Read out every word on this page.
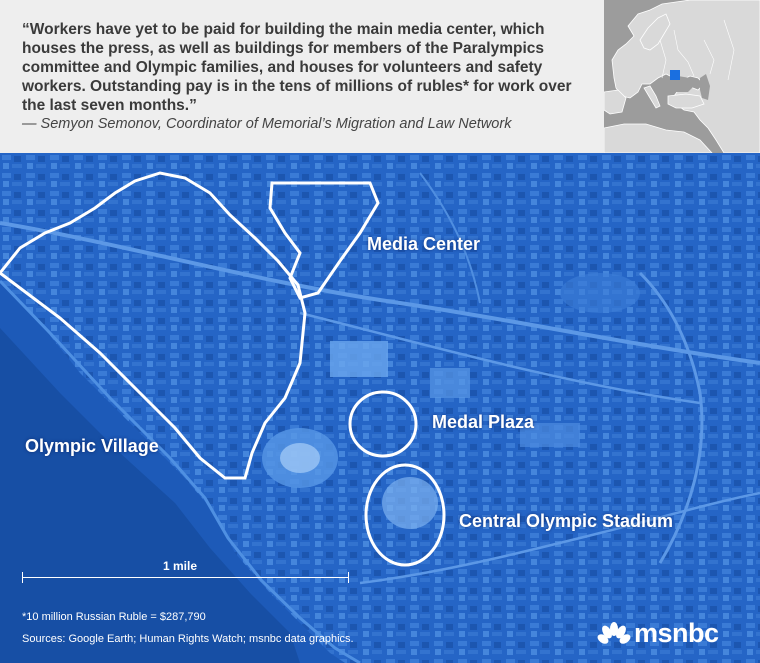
“Workers have yet to be paid for building the main media center, which houses the press, as well as buildings for members of the Paralympics committee and Olympic families, and houses for volunteers and safety workers. Outstanding pay is in the tens of millions of rubles* for work over the last seven months.”

— Semyon Semonov, Coordinator of Memorial’s Migration and Law Network
Media Center
Olympic Village
Medal Plaza
Central Olympic Stadium
1 mile
*10 million Russian Ruble = $287,790
Sources: Google Earth; Human Rights Watch; msnbc data graphics.	msnbc
